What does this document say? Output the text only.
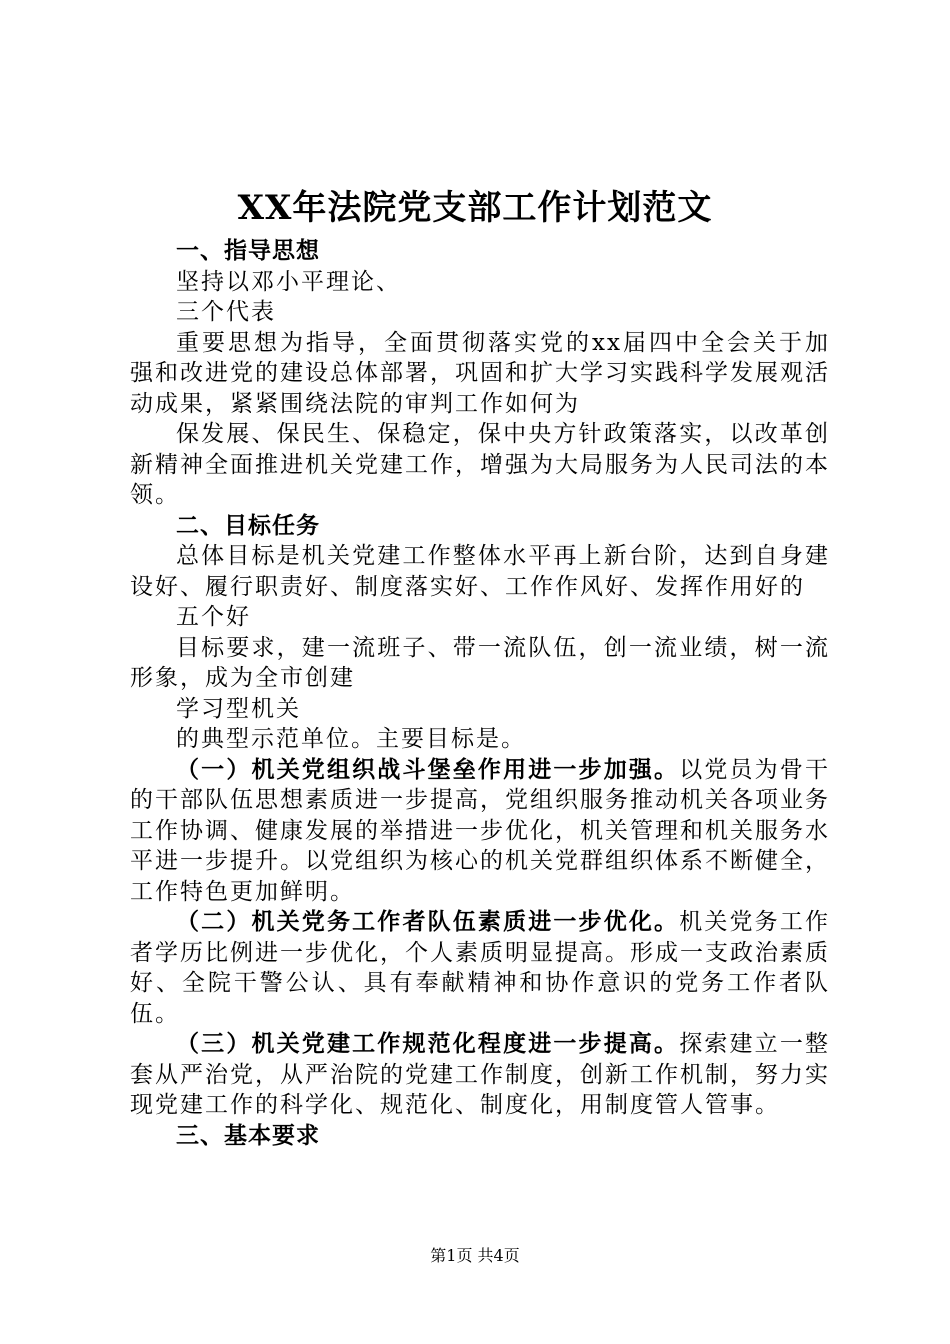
XX年法院党支部工作计划范文

一、指导思想

坚持以邓小平理论、

三个代表

重要思想为指导，全面贯彻落实党的xx届四中全会关于加强和改进党的建设总体部署，巩固和扩大学习实践科学发展观活动成果，紧紧围绕法院的审判工作如何为

保发展、保民生、保稳定，保中央方针政策落实，以改革创新精神全面推进机关党建工作，增强为大局服务为人民司法的本领。

二、目标任务

总体目标是机关党建工作整体水平再上新台阶，达到自身建设好、履行职责好、制度落实好、工作作风好、发挥作用好的

五个好

目标要求，建一流班子、带一流队伍，创一流业绩，树一流形象，成为全市创建

学习型机关

的典型示范单位。主要目标是。

（一）机关党组织战斗堡垒作用进一步加强。以党员为骨干的干部队伍思想素质进一步提高，党组织服务推动机关各项业务工作协调、健康发展的举措进一步优化，机关管理和机关服务水平进一步提升。以党组织为核心的机关党群组织体系不断健全，工作特色更加鲜明。

（二）机关党务工作者队伍素质进一步优化。机关党务工作者学历比例进一步优化，个人素质明显提高。形成一支政治素质好、全院干警公认、具有奉献精神和协作意识的党务工作者队伍。

（三）机关党建工作规范化程度进一步提高。探索建立一整套从严治党，从严治院的党建工作制度，创新工作机制，努力实现党建工作的科学化、规范化、制度化，用制度管人管事。

三、基本要求

第1页 共4页
